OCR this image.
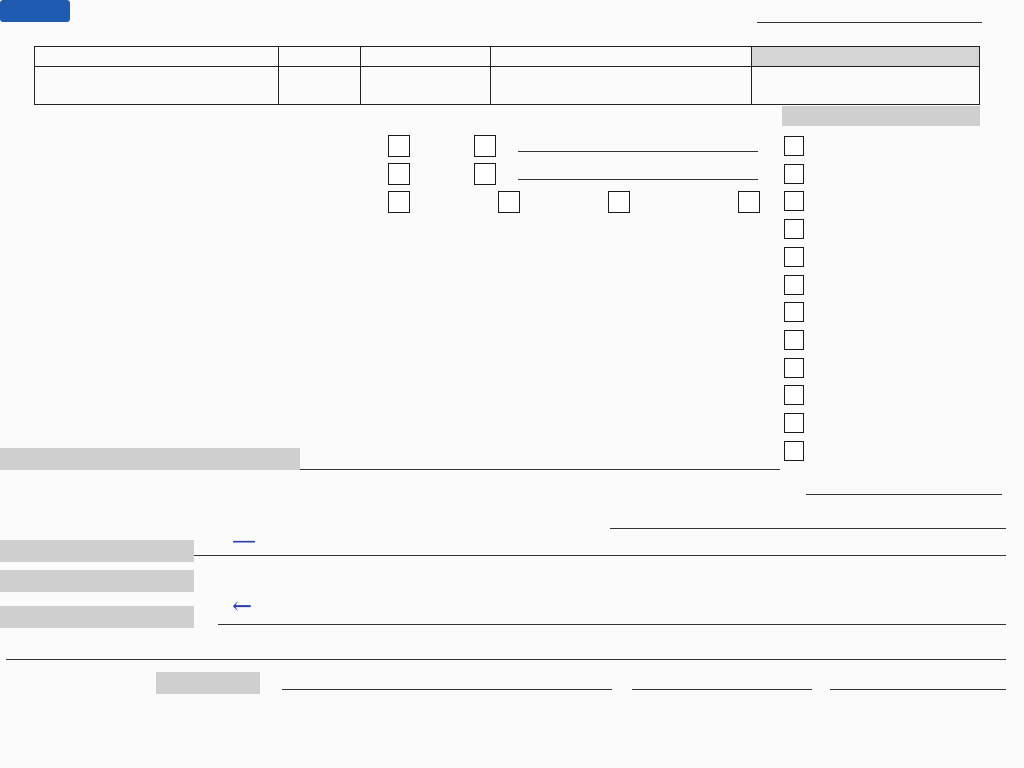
—
←
